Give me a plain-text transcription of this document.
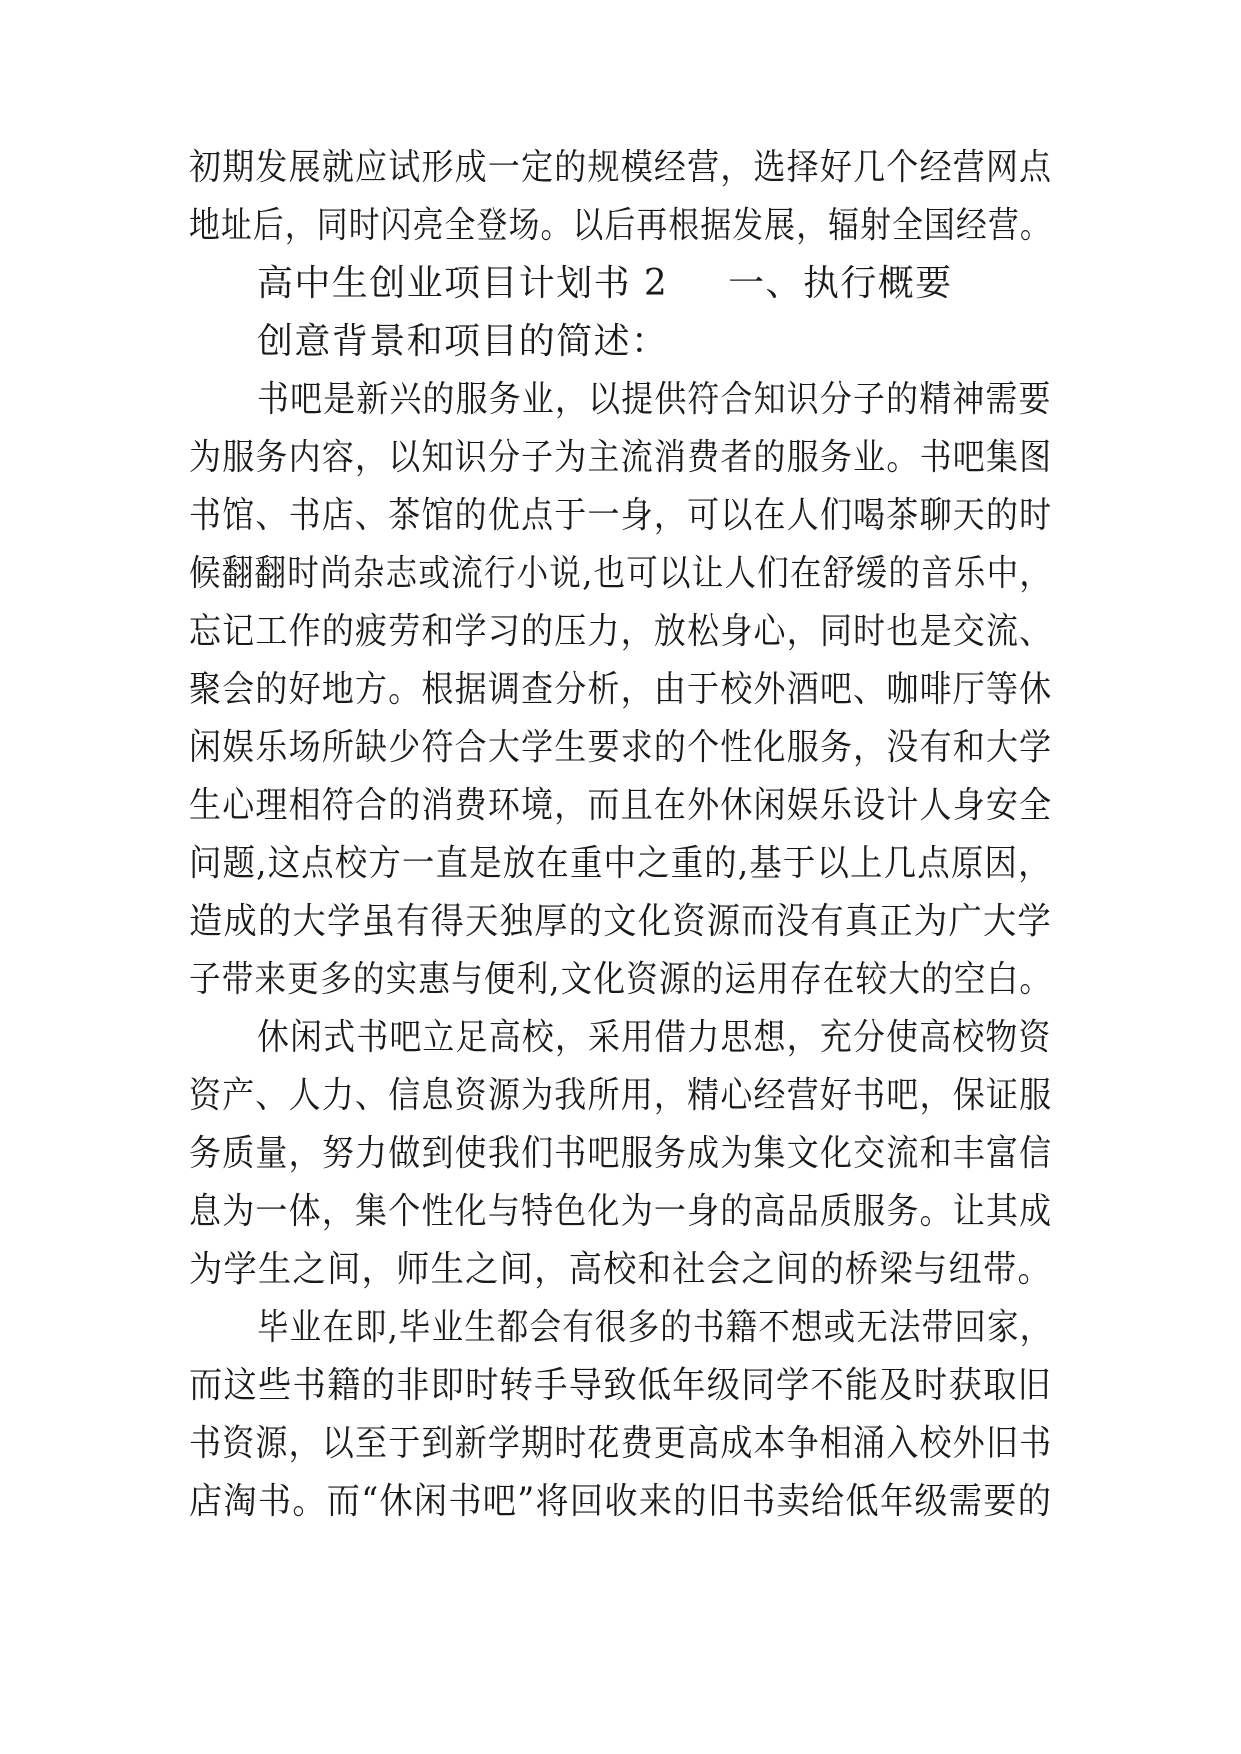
初期发展就应试形成一定的规模经营，选择好几个经营网点
地址后，同时闪亮全登场。以后再根据发展，辐射全国经营。
高中生创业项目计划书 2 一、执行概要
创意背景和项目的简述：
书吧是新兴的服务业，以提供符合知识分子的精神需要
为服务内容，以知识分子为主流消费者的服务业。书吧集图
书馆、书店、茶馆的优点于一身，可以在人们喝茶聊天的时
候翻翻时尚杂志或流行小说,也可以让人们在舒缓的音乐中，
忘记工作的疲劳和学习的压力，放松身心，同时也是交流、
聚会的好地方。根据调查分析，由于校外酒吧、咖啡厅等休
闲娱乐场所缺少符合大学生要求的个性化服务，没有和大学
生心理相符合的消费环境，而且在外休闲娱乐设计人身安全
问题,这点校方一直是放在重中之重的,基于以上几点原因，
造成的大学虽有得天独厚的文化资源而没有真正为广大学
子带来更多的实惠与便利,文化资源的运用存在较大的空白。
休闲式书吧立足高校，采用借力思想，充分使高校物资
资产、人力、信息资源为我所用，精心经营好书吧，保证服
务质量，努力做到使我们书吧服务成为集文化交流和丰富信
息为一体，集个性化与特色化为一身的高品质服务。让其成
为学生之间，师生之间，高校和社会之间的桥梁与纽带。
毕业在即,毕业生都会有很多的书籍不想或无法带回家，
而这些书籍的非即时转手导致低年级同学不能及时获取旧
书资源，以至于到新学期时花费更高成本争相涌入校外旧书
店淘书。而“休闲书吧”将回收来的旧书卖给低年级需要的
